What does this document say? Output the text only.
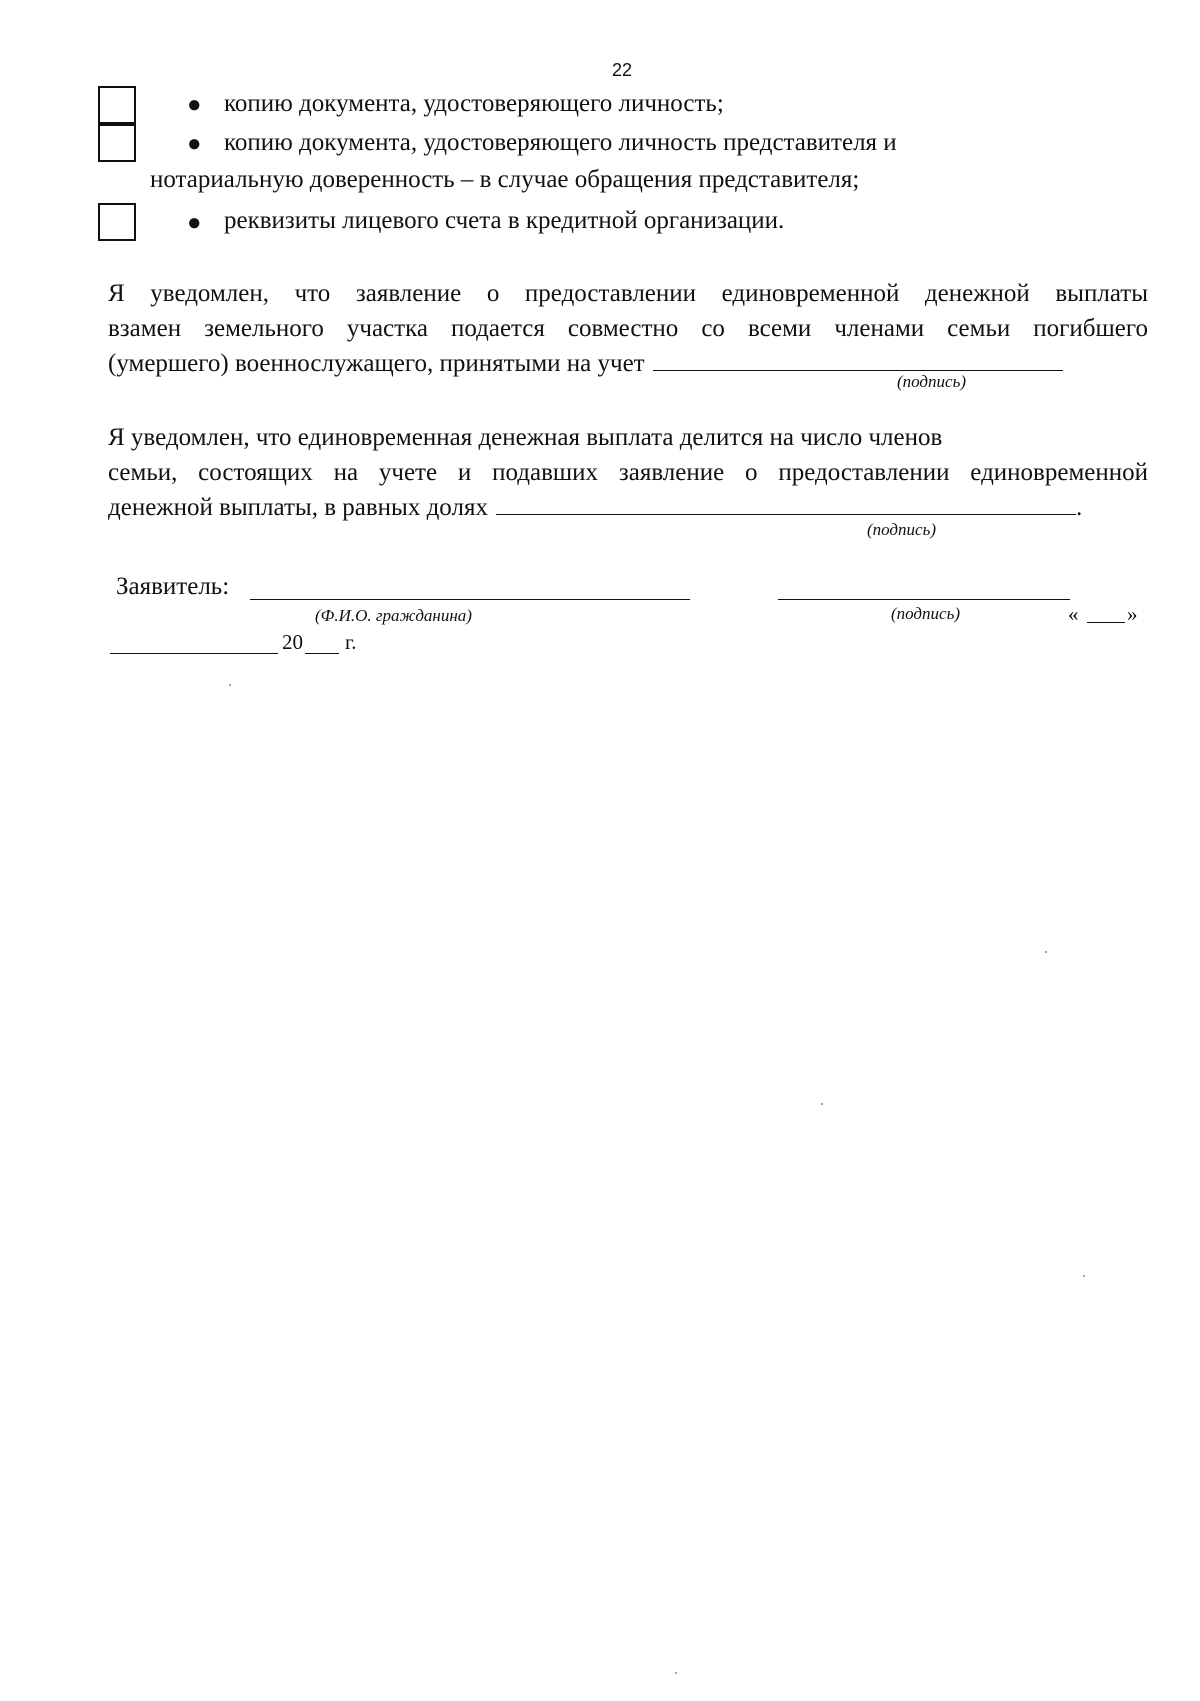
22
● копию документа, удостоверяющего личность;
● копию документа, удостоверяющего личность представителя и
нотариальную доверенность – в случае обращения представителя;
● реквизиты лицевого счета в кредитной организации.
Я уведомлен, что заявление о предоставлении единовременной денежной выплаты
взамен земельного участка подается совместно со всеми членами семьи погибшего
(умершего) военнослужащего, принятыми на учет
(подпись)
Я уведомлен, что единовременная денежная выплата делится на число членов
семьи, состоящих на учете и подавших заявление о предоставлении единовременной
денежной выплаты, в равных долях	.
(подпись)
Заявитель:
(Ф.И.О. гражданина)	(подпись)	« »
20 г.
